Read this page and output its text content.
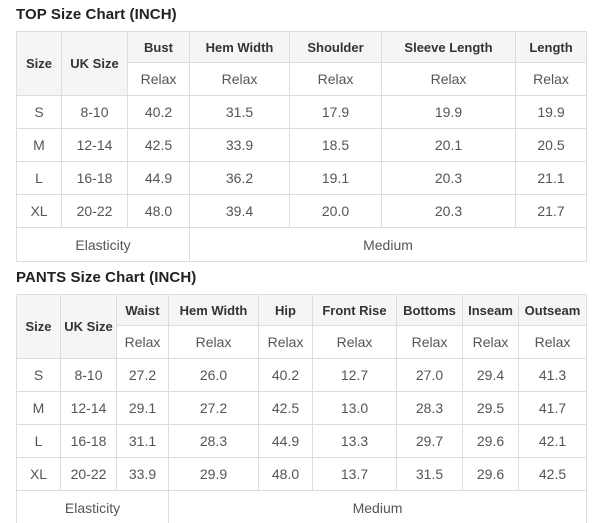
TOP Size Chart (INCH)
Size	UK Size	Bust	Hem Width	Shoulder	Sleeve Length	Length
		Relax	Relax	Relax	Relax	Relax
S	8-10	40.2	31.5	17.9	19.9	19.9
M	12-14	42.5	33.9	18.5	20.1	20.5
L	16-18	44.9	36.2	19.1	20.3	21.1
XL	20-22	48.0	39.4	20.0	20.3	21.7
Elasticity			Medium			
PANTS Size Chart (INCH)
Size	UK Size	Waist	Hem Width	Hip	Front Rise	Bottoms	Inseam	Outseam
		Relax	Relax	Relax	Relax	Relax	Relax	Relax
S	8-10	27.2	26.0	40.2	12.7	27.0	29.4	41.3
M	12-14	29.1	27.2	42.5	13.0	28.3	29.5	41.7
L	16-18	31.1	28.3	44.9	13.3	29.7	29.6	42.1
XL	20-22	33.9	29.9	48.0	13.7	31.5	29.6	42.5
Elasticity			Medium					
